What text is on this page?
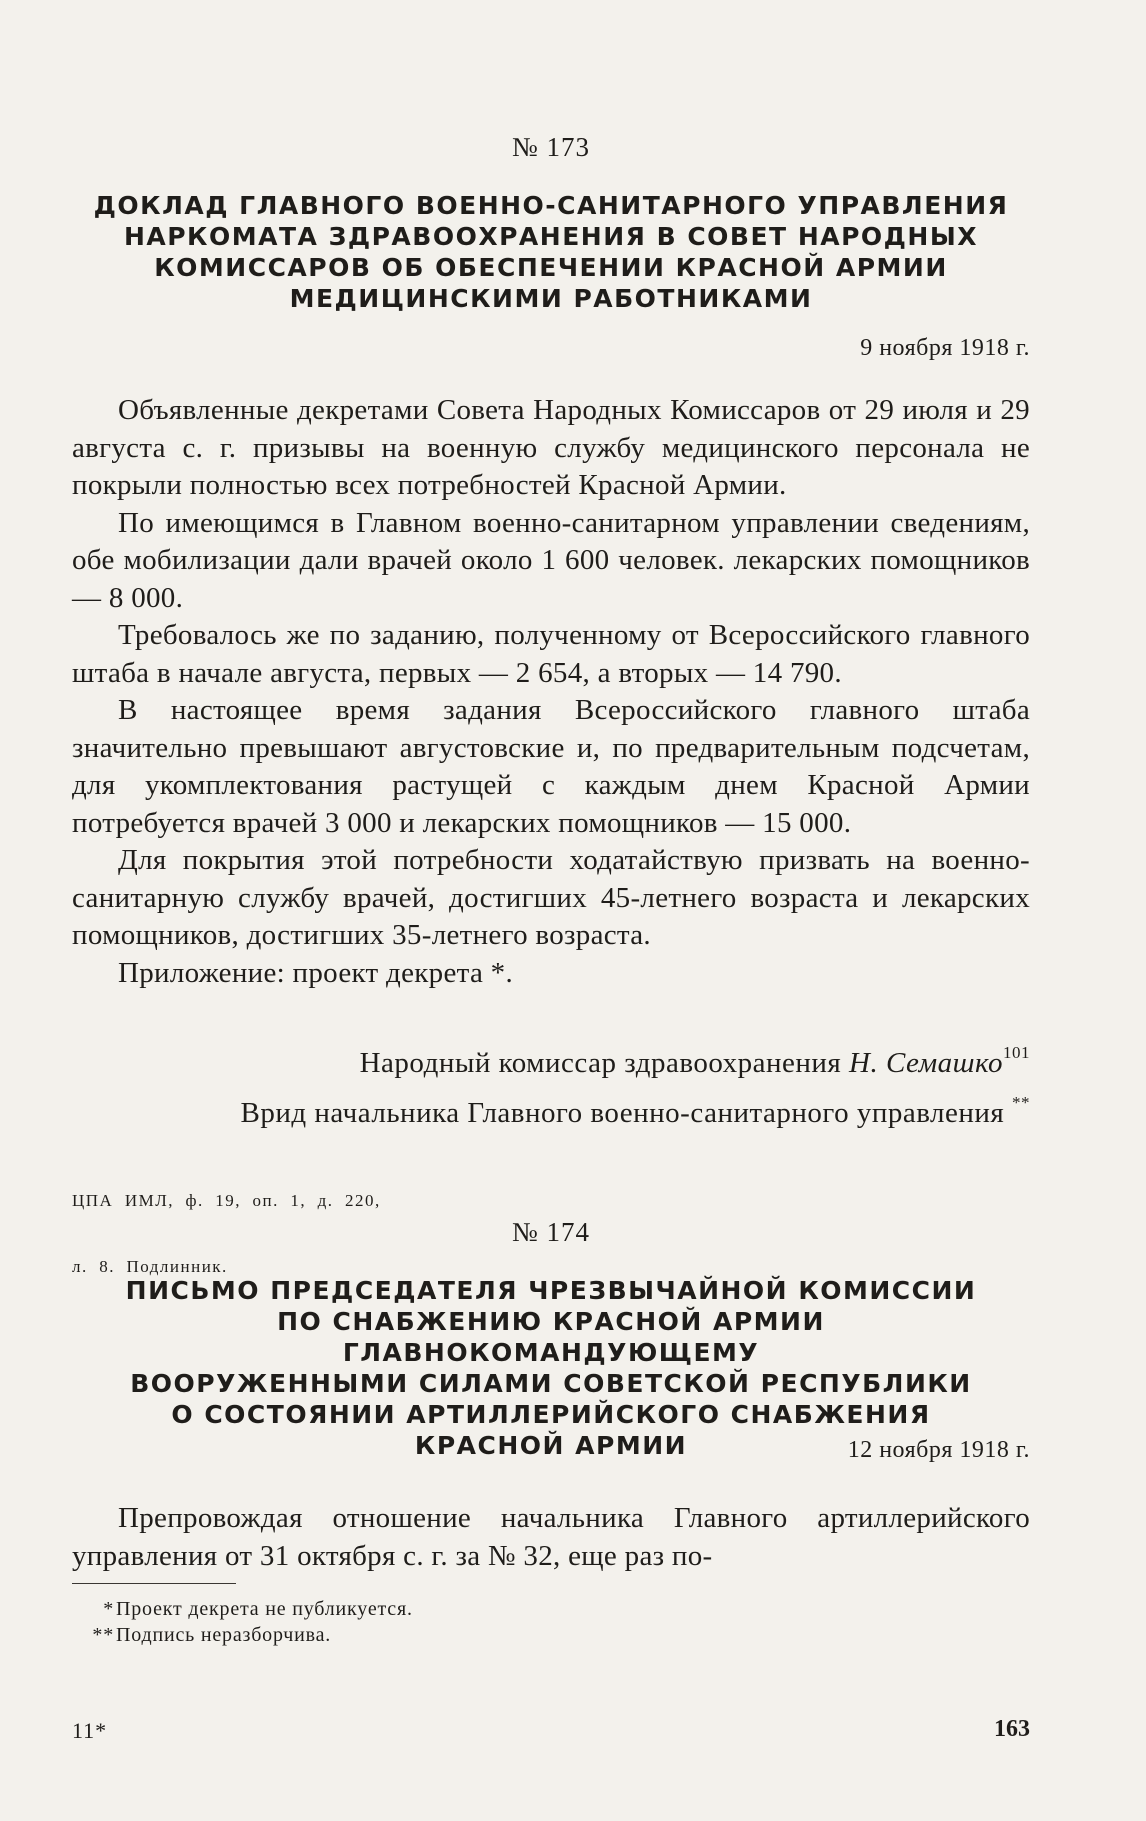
№ 173
ДОКЛАД ГЛАВНОГО ВОЕННО-САНИТАРНОГО УПРАВЛЕНИЯ
НАРКОМАТА ЗДРАВООХРАНЕНИЯ В СОВЕТ НАРОДНЫХ
КОМИССАРОВ ОБ ОБЕСПЕЧЕНИИ КРАСНОЙ АРМИИ
МЕДИЦИНСКИМИ РАБОТНИКАМИ
9 ноября 1918 г.

Объявленные декретами Совета Народных Комиссаров от 29 июля и 29 августа с. г. призывы на военную службу медицинского персонала не покрыли полностью всех потребностей Красной Армии.

По имеющимся в Главном военно-санитарном управлении сведениям, обе мобилизации дали врачей около 1 600 человек. лекарских помощников — 8 000.

Требовалось же по заданию, полученному от Всероссийского главного штаба в начале августа, первых — 2 654, а вторых — 14 790.

В настоящее время задания Всероссийского главного штаба значительно превышают августовские и, по предварительным подсчетам, для укомплектования растущей с каждым днем Красной Армии потребуется врачей 3 000 и лекарских помощников — 15 000.

Для покрытия этой потребности ходатайствую призвать на военно-санитарную службу врачей, достигших 45-летнего возраста и лекарских помощников, достигших 35-летнего возраста.

Приложение: проект декрета *.

Народный комиссар здравоохранения Н. Семашко$^{101}$
Врид начальника Главного военно-санитарного управления **

ЦПА  ИМЛ,  ф.  19,  оп.  1,  д.  220,

л.  8.  Подлинник.

№ 174
ПИСЬМО ПРЕДСЕДАТЕЛЯ ЧРЕЗВЫЧАЙНОЙ КОМИССИИ
ПО СНАБЖЕНИЮ КРАСНОЙ АРМИИ ГЛАВНОКОМАНДУЮЩЕМУ
ВООРУЖЕННЫМИ СИЛАМИ СОВЕТСКОЙ РЕСПУБЛИКИ
О СОСТОЯНИИ АРТИЛЛЕРИЙСКОГО СНАБЖЕНИЯ
КРАСНОЙ АРМИИ	12 ноября 1918 г.

Препровождая отношение начальника Главного артиллерийского управления от 31 октября с. г. за № 32, еще раз по-

* Проект декрета не публикуется.
** Подпись неразборчива.
11*	163
